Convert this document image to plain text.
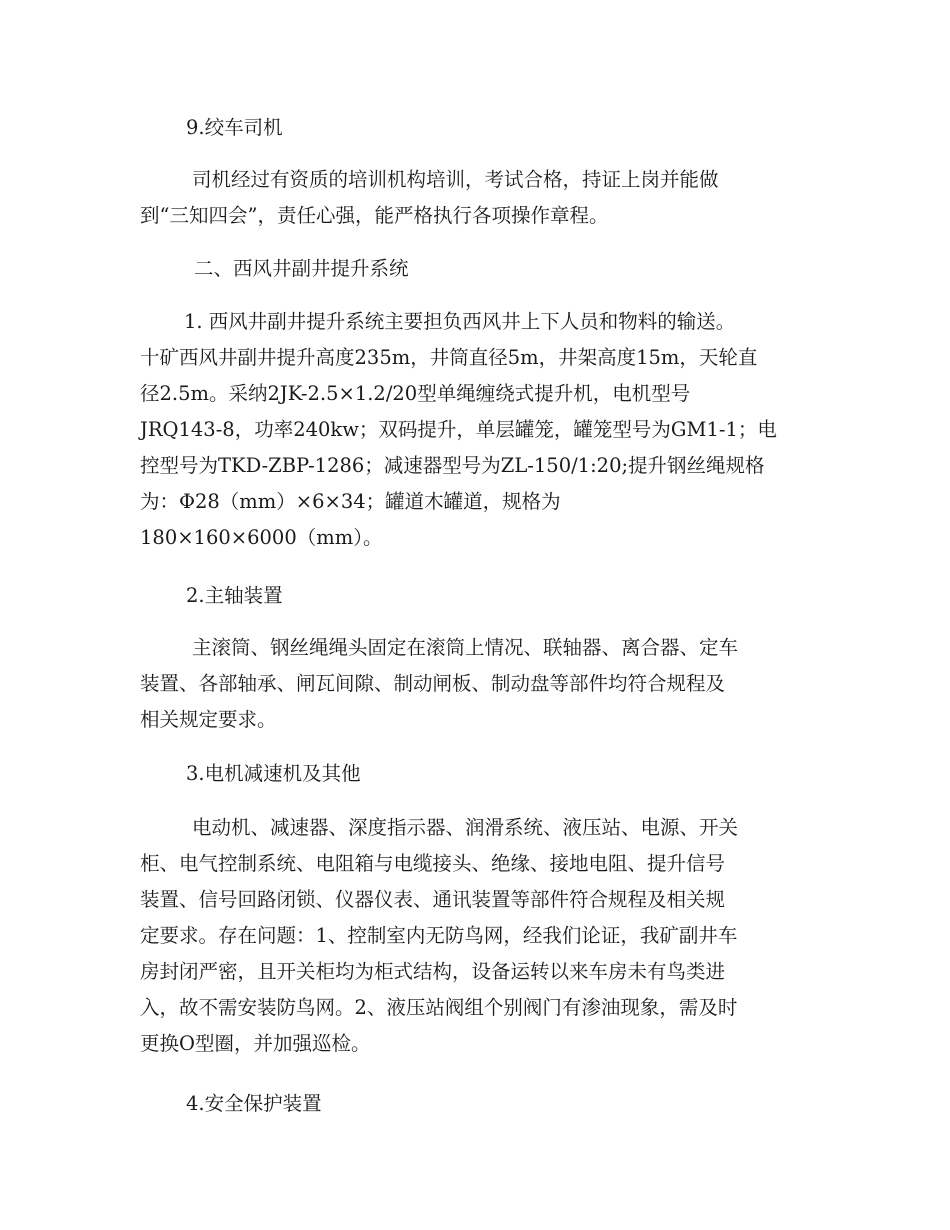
9.绞车司机
司机经过有资质的培训机构培训，考试合格，持证上岗并能做
到“三知四会”，责任心强，能严格执行各项操作章程。
二、西风井副井提升系统
1. 西风井副井提升系统主要担负西风井上下人员和物料的输送。
十矿西风井副井提升高度235m，井筒直径5m，井架高度15m，天轮直
径2.5m。采纳2JK-2.5×1.2/20型单绳缠绕式提升机，电机型号
JRQ143-8，功率240kw；双码提升，单层罐笼，罐笼型号为GM1-1；电
控型号为TKD-ZBP-1286；减速器型号为ZL-150/1:20;提升钢丝绳规格
为：Φ28（mm）×6×34；罐道木罐道，规格为
180×160×6000（mm）。
2.主轴装置
主滚筒、钢丝绳绳头固定在滚筒上情况、联轴器、离合器、定车
装置、各部轴承、闸瓦间隙、制动闸板、制动盘等部件均符合规程及
相关规定要求。
3.电机减速机及其他
电动机、减速器、深度指示器、润滑系统、液压站、电源、开关
柜、电气控制系统、电阻箱与电缆接头、绝缘、接地电阻、提升信号
装置、信号回路闭锁、仪器仪表、通讯装置等部件符合规程及相关规
定要求。存在问题：1、控制室内无防鸟网，经我们论证，我矿副井车
房封闭严密，且开关柜均为柜式结构，设备运转以来车房未有鸟类进
入，故不需安装防鸟网。2、液压站阀组个别阀门有渗油现象，需及时
更换O型圈，并加强巡检。
4.安全保护装置
